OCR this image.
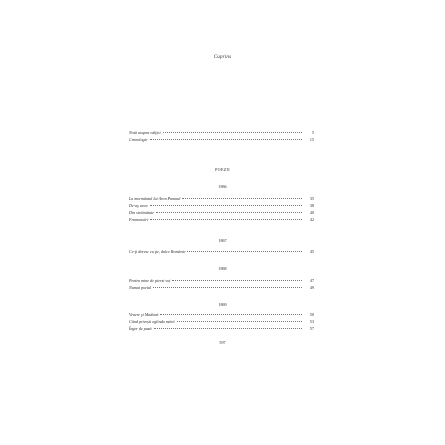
Cuprins
Notă asupra ediţiei	5
Cronologie	15
POEZII
1866
La mormântul lui Aron Pumnul	35
De-aş avea	38
Din străinătate	40
Frumoasă-i	42
1867
Ce-ţi doresc eu ţie, dulce Românie	45
1868
Pentru mine de pierzi voi	47
Numai poetul	49
1869
Venere şi Madonă	50
Când privești oglinda mării	53
Înger de pază	57
597
